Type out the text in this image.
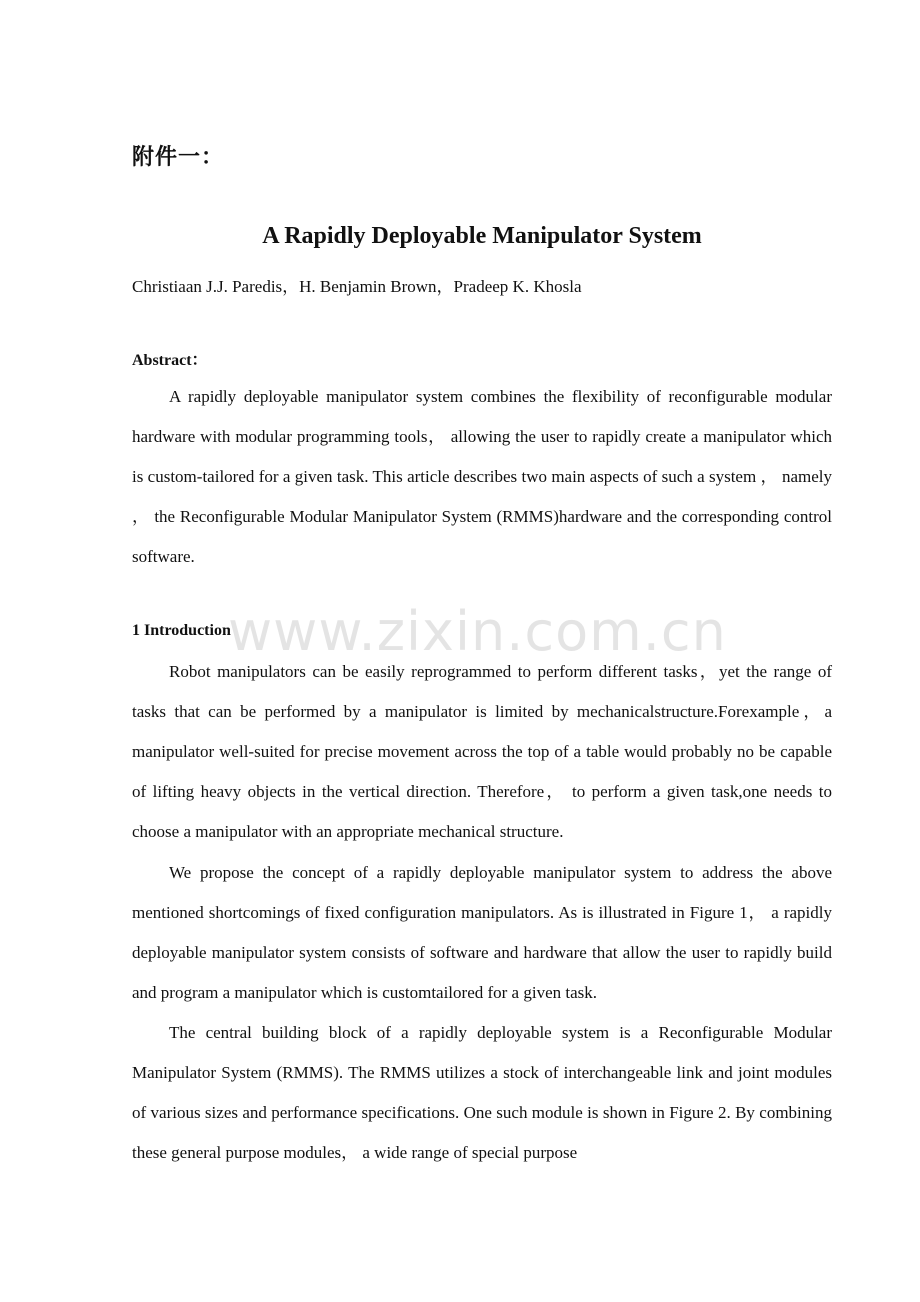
附件一：
A Rapidly Deployable Manipulator System
Christiaan J.J. Paredis，H. Benjamin Brown，Pradeep K. Khosla
Abstract：

A rapidly deployable manipulator system combines the flexibility of reconfigurable modular hardware with modular programming tools， allowing the user to rapidly create a manipulator which is custom-tailored for a given task. This article describes two main aspects of such a system ， namely ， the Reconfigurable Modular Manipulator System (RMMS)hardware and the corresponding control software.

1 Introduction

Robot manipulators can be easily reprogrammed to perform different tasks，yet the range of tasks that can be performed by a manipulator is limited by mechanicalstructure.Forexample，a manipulator well-suited for precise movement across the top of a table would probably no be capable of lifting heavy objects in the vertical direction. Therefore， to perform a given task,one needs to choose a manipulator with an appropriate mechanical structure.

We propose the concept of a rapidly deployable manipulator system to address the above mentioned shortcomings of fixed configuration manipulators. As is illustrated in Figure 1， a rapidly deployable manipulator system consists of software and hardware that allow the user to rapidly build and program a manipulator which is customtailored for a given task.

The central building block of a rapidly deployable system is a Reconfigurable Modular Manipulator System (RMMS). The RMMS utilizes a stock of interchangeable link and joint modules of various sizes and performance specifications. One such module is shown in Figure 2. By combining these general purpose modules， a wide range of special purpose

www.zixin.com.cn
